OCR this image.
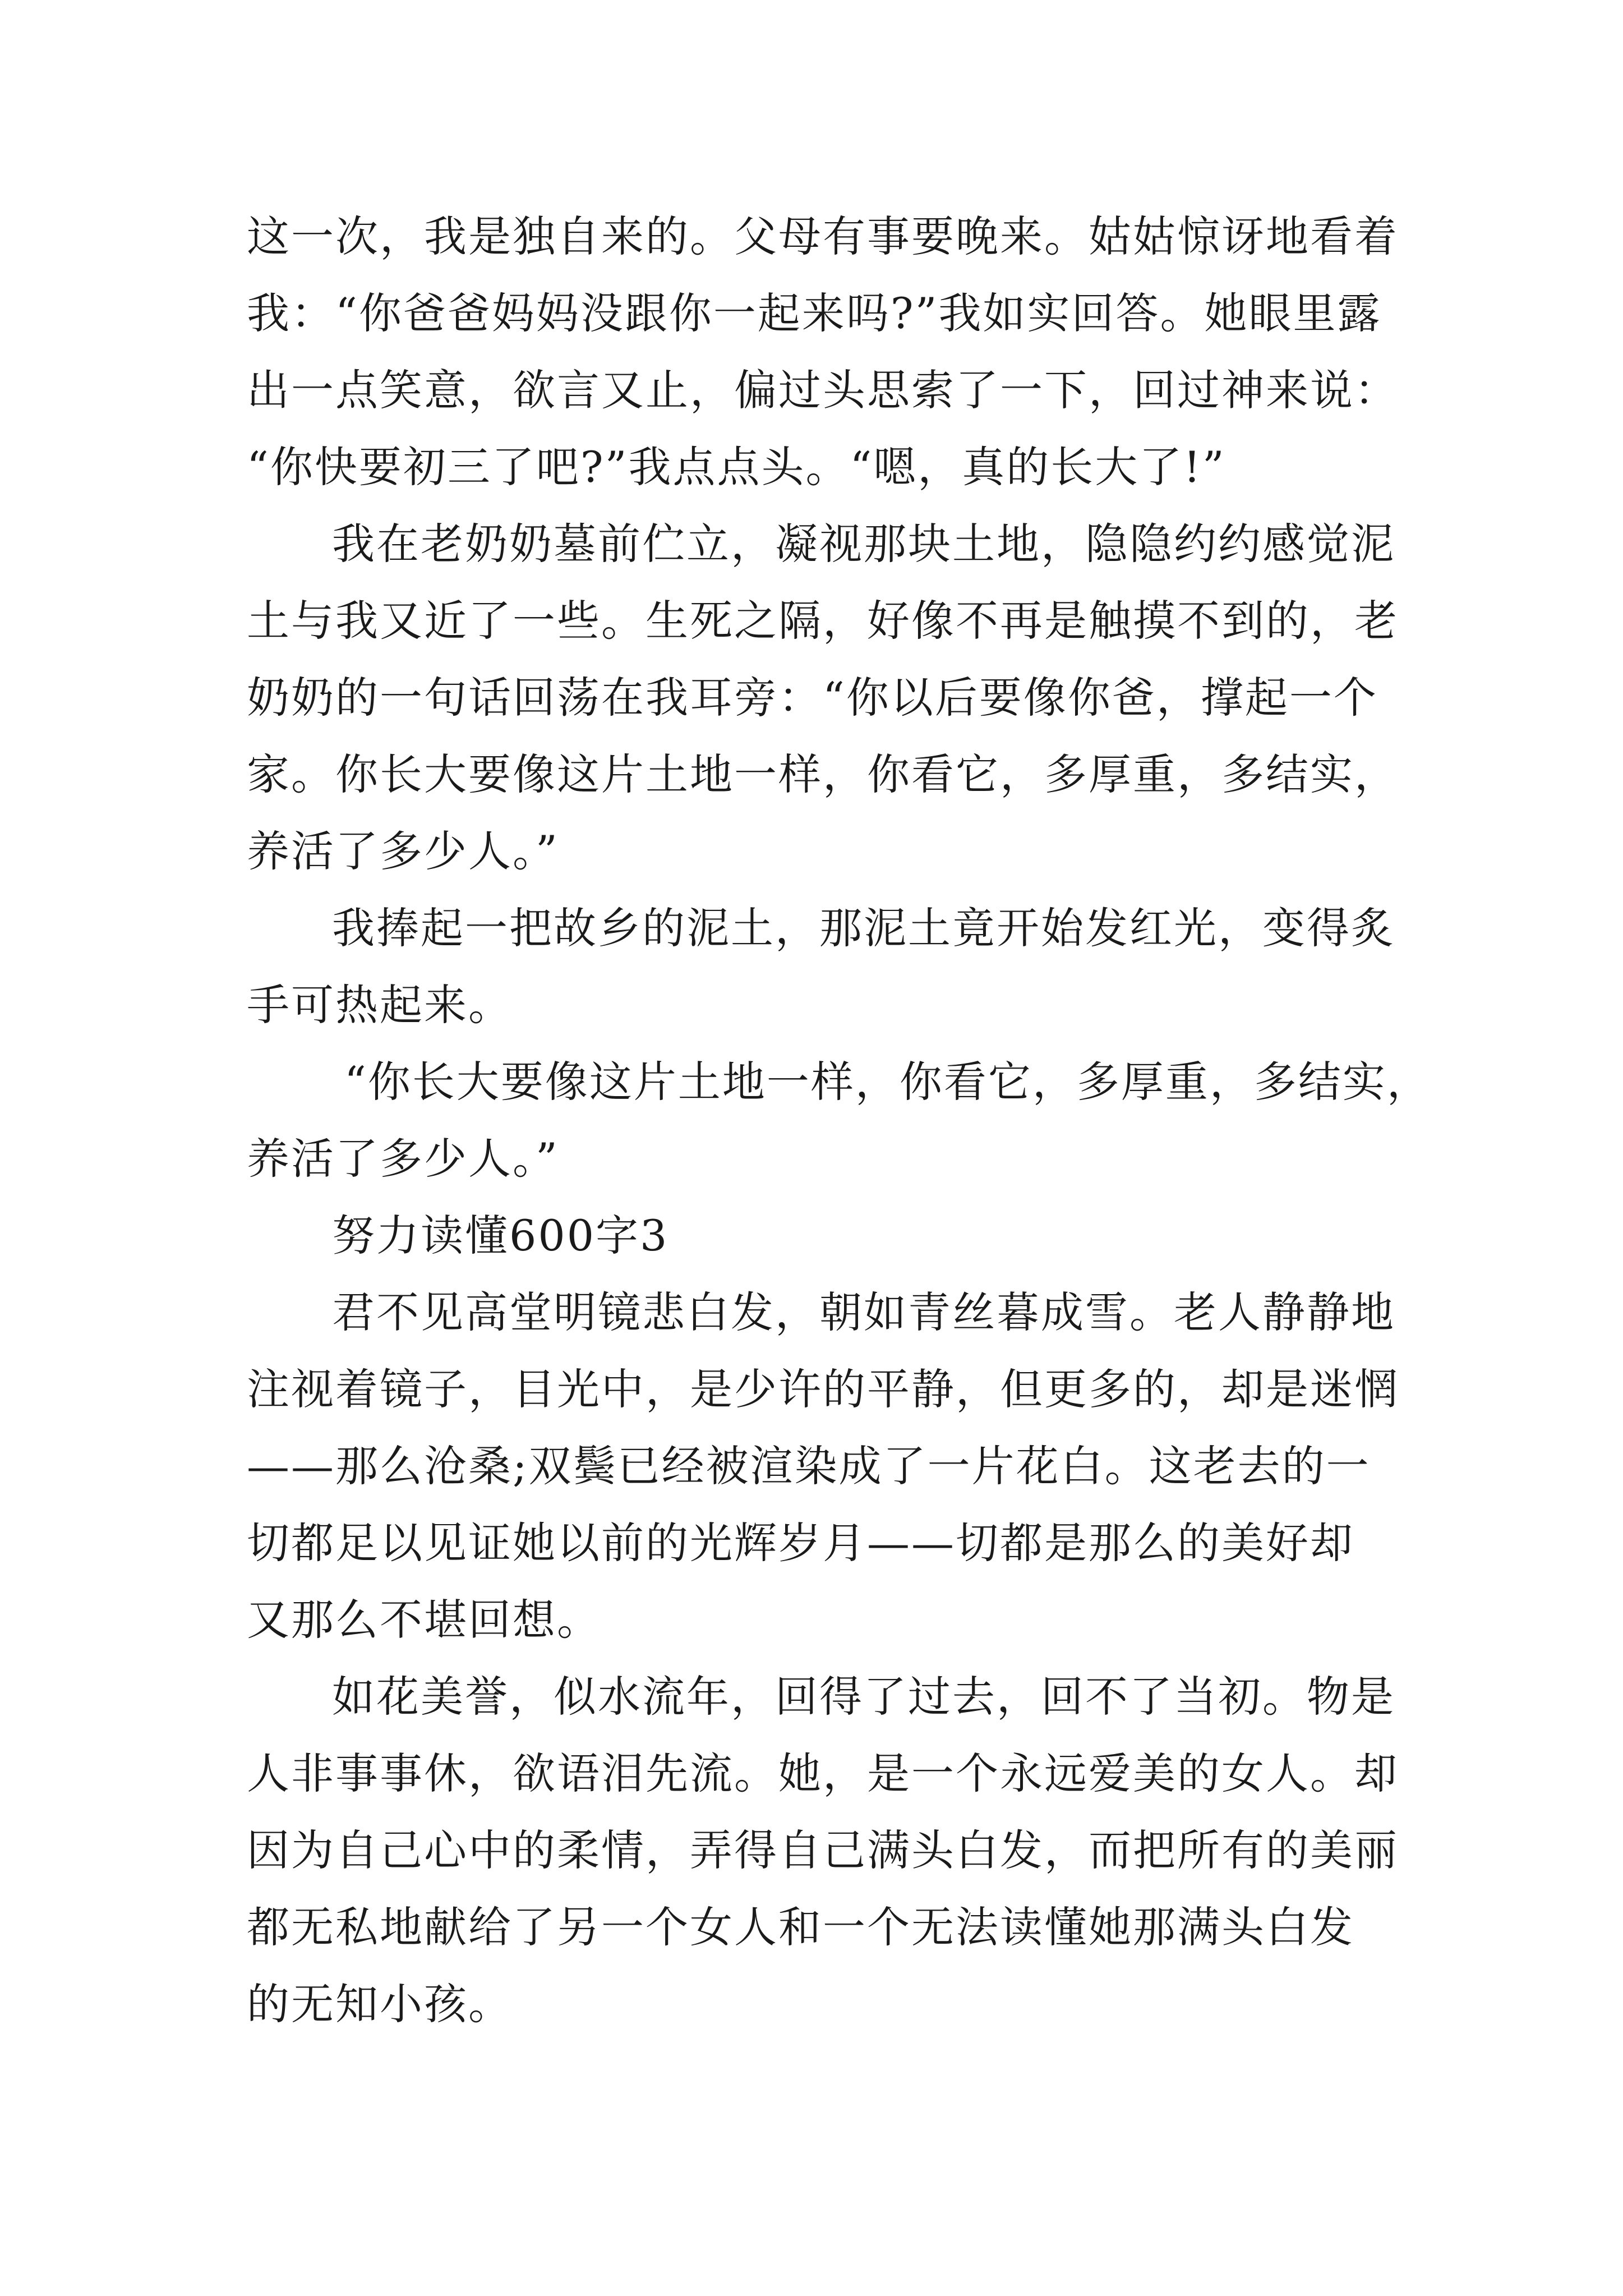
这一次，我是独自来的。父母有事要晚来。姑姑惊讶地看着
我：“你爸爸妈妈没跟你一起来吗?”我如实回答。她眼里露
出一点笑意，欲言又止，偏过头思索了一下，回过神来说：
“你快要初三了吧?”我点点头。“嗯，真的长大了!”
我在老奶奶墓前伫立，凝视那块土地，隐隐约约感觉泥
土与我又近了一些。生死之隔，好像不再是触摸不到的，老
奶奶的一句话回荡在我耳旁：“你以后要像你爸，撑起一个
家。你长大要像这片土地一样，你看它，多厚重，多结实，
养活了多少人。”
我捧起一把故乡的泥土，那泥土竟开始发红光，变得炙
手可热起来。
“你长大要像这片土地一样，你看它，多厚重，多结实，
养活了多少人。”
努力读懂600字3
君不见高堂明镜悲白发，朝如青丝暮成雪。老人静静地
注视着镜子，目光中，是少许的平静，但更多的，却是迷惘
——那么沧桑;双鬓已经被渲染成了一片花白。这老去的一
切都足以见证她以前的光辉岁月——切都是那么的美好却
又那么不堪回想。
如花美誉，似水流年，回得了过去，回不了当初。物是
人非事事休，欲语泪先流。她，是一个永远爱美的女人。却
因为自己心中的柔情，弄得自己满头白发，而把所有的美丽
都无私地献给了另一个女人和一个无法读懂她那满头白发
的无知小孩。
